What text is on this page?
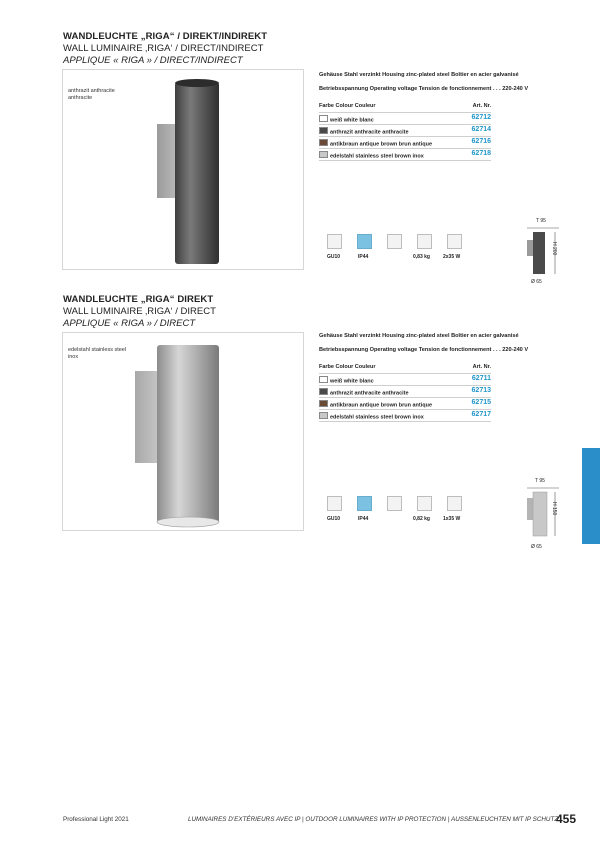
WANDLEUCHTE „RIGA“ / DIREKT/INDIREKT
WALL LUMINAIRE ‚RIGA‘ / DIRECT/INDIRECT
APPLIQUE « RIGA » / DIRECT/INDIRECT
anthrazit anthracite
anthracite
Gehäuse Stahl verzinkt Housing zinc-plated steel Boîtier en acier galvanisé
Betriebsspannung Operating voltage Tension de fonctionnement . . . 220-240 V
Farbe Colour Couleur	Art. Nr.
weiß white blanc	62712
anthrazit anthracite anthracite	62714
antikbraun antique brown brun antique	62716
edelstahl stainless steel brown inox	62718
GU10	IP44	0,83 kg	2x35 W
T 95
H 200
Ø 65
WANDLEUCHTE „RIGA“ DIREKT
WALL LUMINAIRE ‚RIGA‘ / DIRECT
APPLIQUE « RIGA » / DIRECT
edelstahl stainless steel
inox
Gehäuse Stahl verzinkt Housing zinc-plated steel Boîtier en acier galvanisé
Betriebsspannung Operating voltage Tension de fonctionnement . . . 220-240 V
Farbe Colour Couleur	Art. Nr.
weiß white blanc	62711
anthrazit anthracite anthracite	62713
antikbraun antique brown brun antique	62715
edelstahl stainless steel brown inox	62717
GU10	IP44	0,82 kg	1x35 W
T 95
H 150
Ø 65
Professional Light 2021	LUMINAIRES D’EXTÉRIEURS AVEC IP | OUTDOOR LUMINAIRES WITH IP PROTECTION | AUSSENLEUCHTEN MIT IP SCHUTZ
455
